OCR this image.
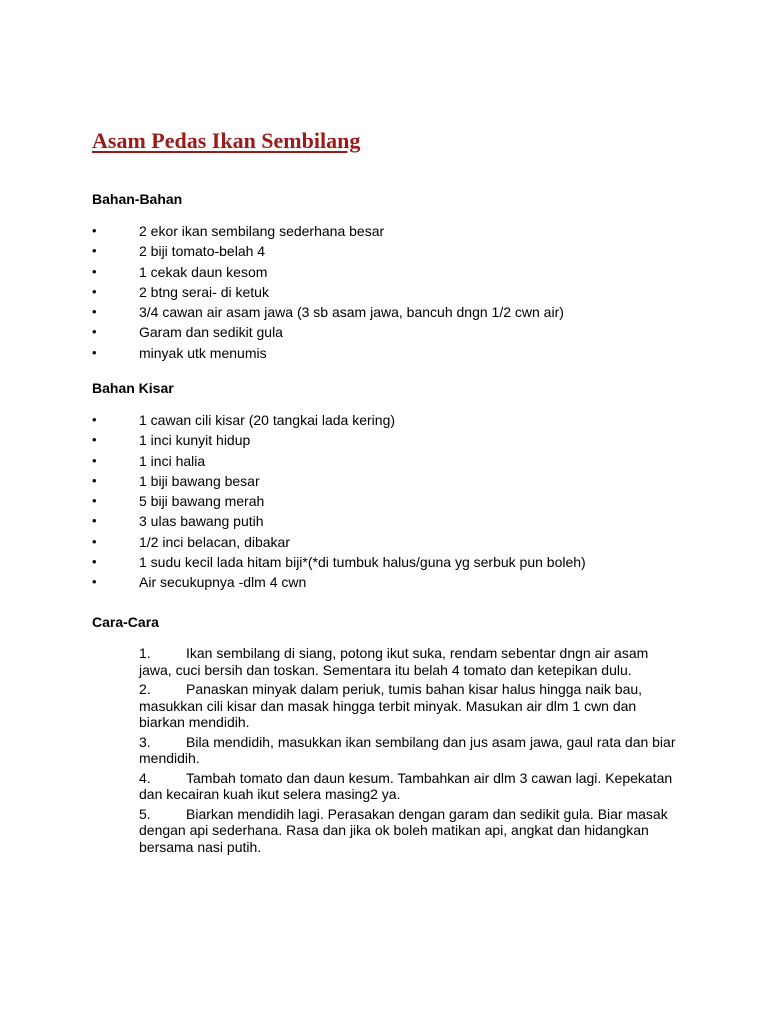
Asam Pedas Ikan Sembilang
Bahan-Bahan
•	2 ekor ikan sembilang sederhana besar
•	2 biji tomato-belah 4
•	1 cekak daun kesom
•	2 btng serai- di ketuk
•	3/4 cawan air asam jawa (3 sb asam jawa, bancuh dngn 1/2 cwn air)
•	Garam dan sedikit gula
•	minyak utk menumis
Bahan Kisar
•	1 cawan cili kisar (20 tangkai lada kering)
•	1 inci kunyit hidup
•	1 inci halia
•	1 biji bawang besar
•	5 biji bawang merah
•	3 ulas bawang putih
•	1/2 inci belacan, dibakar
•	1 sudu kecil lada hitam biji*(*di tumbuk halus/guna yg serbuk pun boleh)
•	Air secukupnya -dlm 4 cwn
Cara-Cara
1.	Ikan sembilang di siang, potong ikut suka, rendam sebentar dngn air asam jawa, cuci bersih dan toskan. Sementara itu belah 4 tomato dan ketepikan dulu.
2.	Panaskan minyak dalam periuk, tumis bahan kisar halus hingga naik bau, masukkan cili kisar dan masak hingga terbit minyak. Masukan air dlm 1 cwn dan biarkan mendidih.
3.	Bila mendidih, masukkan ikan sembilang dan jus asam jawa, gaul rata dan biar mendidih.
4.	Tambah tomato dan daun kesum. Tambahkan air dlm 3 cawan lagi. Kepekatan dan kecairan kuah ikut selera masing2 ya.
5.	Biarkan mendidih lagi. Perasakan dengan garam dan sedikit gula. Biar masak dengan api sederhana. Rasa dan jika ok boleh matikan api, angkat dan hidangkan bersama nasi putih.
